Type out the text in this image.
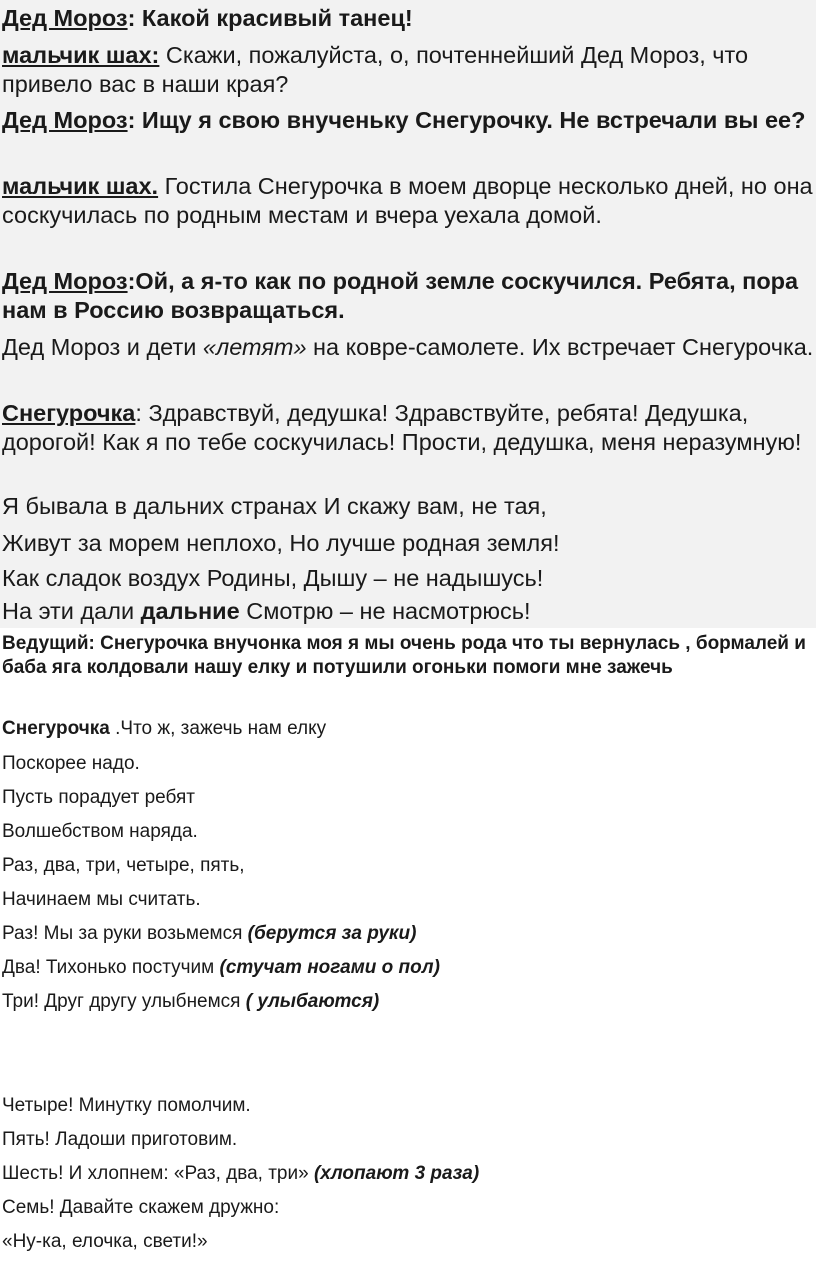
Дед Мороз: Какой красивый танец!

мальчик шах: Скажи, пожалуйста, о, почтеннейший Дед Мороз, что привело вас в наши края?

Дед Мороз: Ищу я свою внученьку Снегурочку. Не встречали вы ее?

мальчик шах. Гостила Снегурочка в моем дворце несколько дней, но она соскучилась по родным местам и вчера уехала домой.

Дед Мороз:Ой, а я-то как по родной земле соскучился. Ребята, пора нам в Россию возвращаться.

Дед Мороз и дети «летят» на ковре-самолете. Их встречает Снегурочка.

Снегурочка: Здравствуй, дедушка! Здравствуйте, ребята! Дедушка, дорогой! Как я по тебе соскучилась! Прости, дедушка, меня неразумную!

Я бывала в дальних странах И скажу вам, не тая,

Живут за морем неплохо, Но лучше родная земля!

Как сладок воздух Родины, Дышу – не надышусь!

На эти дали дальние Смотрю – не насмотрюсь!

Ведущий: Снегурочка внучонка моя я мы очень рода что ты вернулась , бормалей и баба яга колдовали нашу елку и потушили огоньки помоги мне зажечь

Снегурочка .Что ж, зажечь нам елку

Поскорее надо.

Пусть порадует ребят

Волшебством наряда.

Раз, два, три, четыре, пять,

Начинаем мы считать.

Раз! Мы за руки возьмемся (берутся за руки)

Два! Тихонько постучим (стучат ногами о пол)

Три! Друг другу улыбнемся ( улыбаются)

Четыре! Минутку помолчим.

Пять! Ладоши приготовим.

Шесть! И хлопнем: «Раз, два, три» (хлопают 3 раза)

Семь! Давайте скажем дружно:

«Ну-ка, елочка, свети!»
